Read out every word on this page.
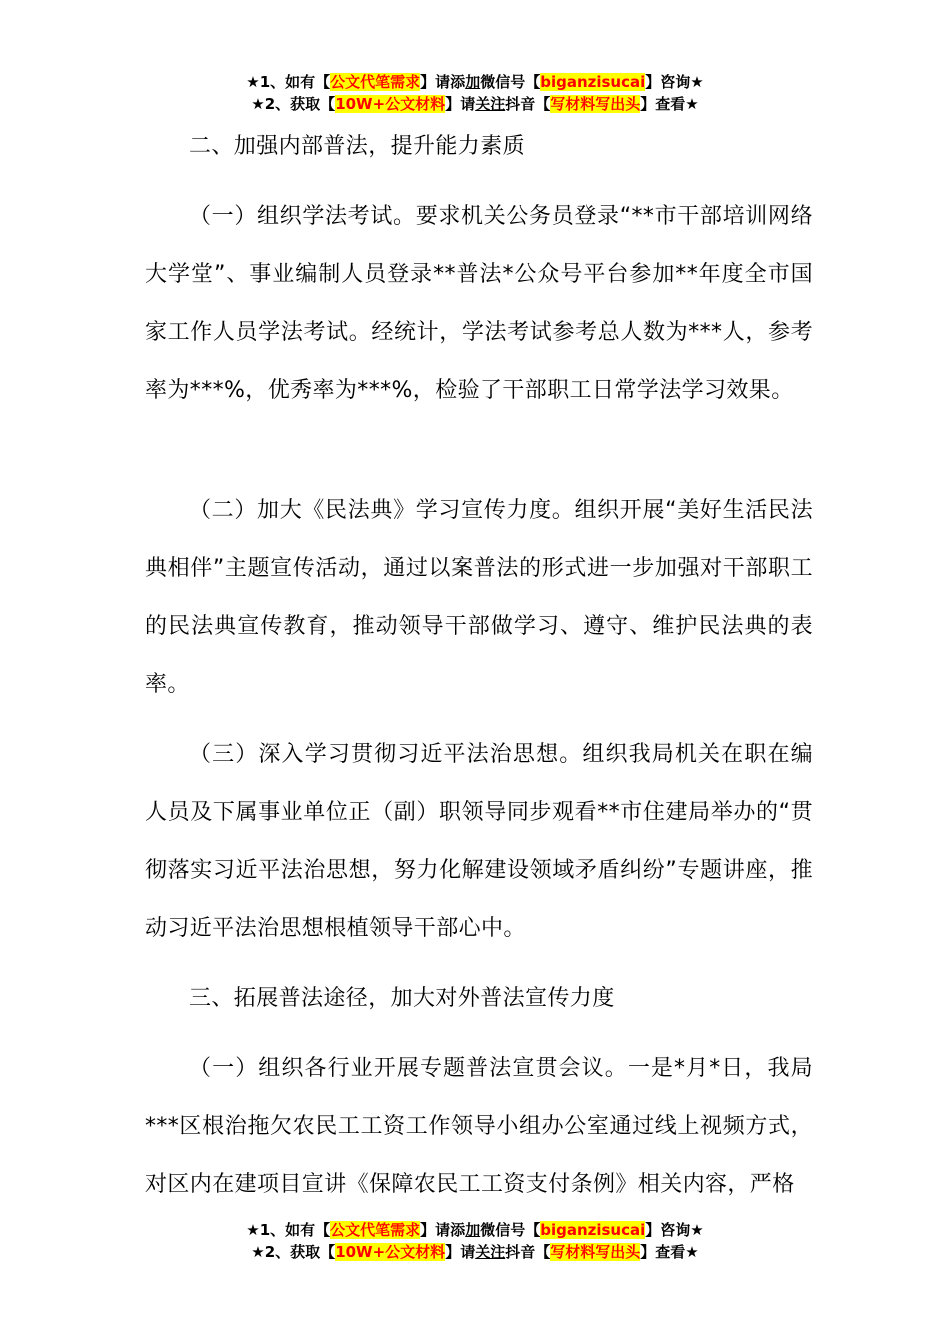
★1、如有【公文代笔需求】请添加微信号【biganzisucai】咨询★
★2、获取【10W+公文材料】请关注抖音【写材料写出头】查看★

二、加强内部普法，提升能力素质

（一）组织学法考试。要求机关公务员登录“**市干部培训网络大学堂”、事业编制人员登录**普法*公众号平台参加**年度全市国家工作人员学法考试。经统计，学法考试参考总人数为***人，参考率为***%，优秀率为***%，检验了干部职工日常学法学习效果。

（二）加大《民法典》学习宣传力度。组织开展“美好生活民法典相伴”主题宣传活动，通过以案普法的形式进一步加强对干部职工的民法典宣传教育，推动领导干部做学习、遵守、维护民法典的表率。

（三）深入学习贯彻习近平法治思想。组织我局机关在职在编人员及下属事业单位正（副）职领导同步观看**市住建局举办的“贯彻落实习近平法治思想，努力化解建设领域矛盾纠纷”专题讲座，推动习近平法治思想根植领导干部心中。

三、拓展普法途径，加大对外普法宣传力度

（一）组织各行业开展专题普法宣贯会议。一是*月*日，我局***区根治拖欠农民工工资工作领导小组办公室通过线上视频方式，对区内在建项目宣讲《保障农民工工资支付条例》相关内容，严格

★1、如有【公文代笔需求】请添加微信号【biganzisucai】咨询★
★2、获取【10W+公文材料】请关注抖音【写材料写出头】查看★
